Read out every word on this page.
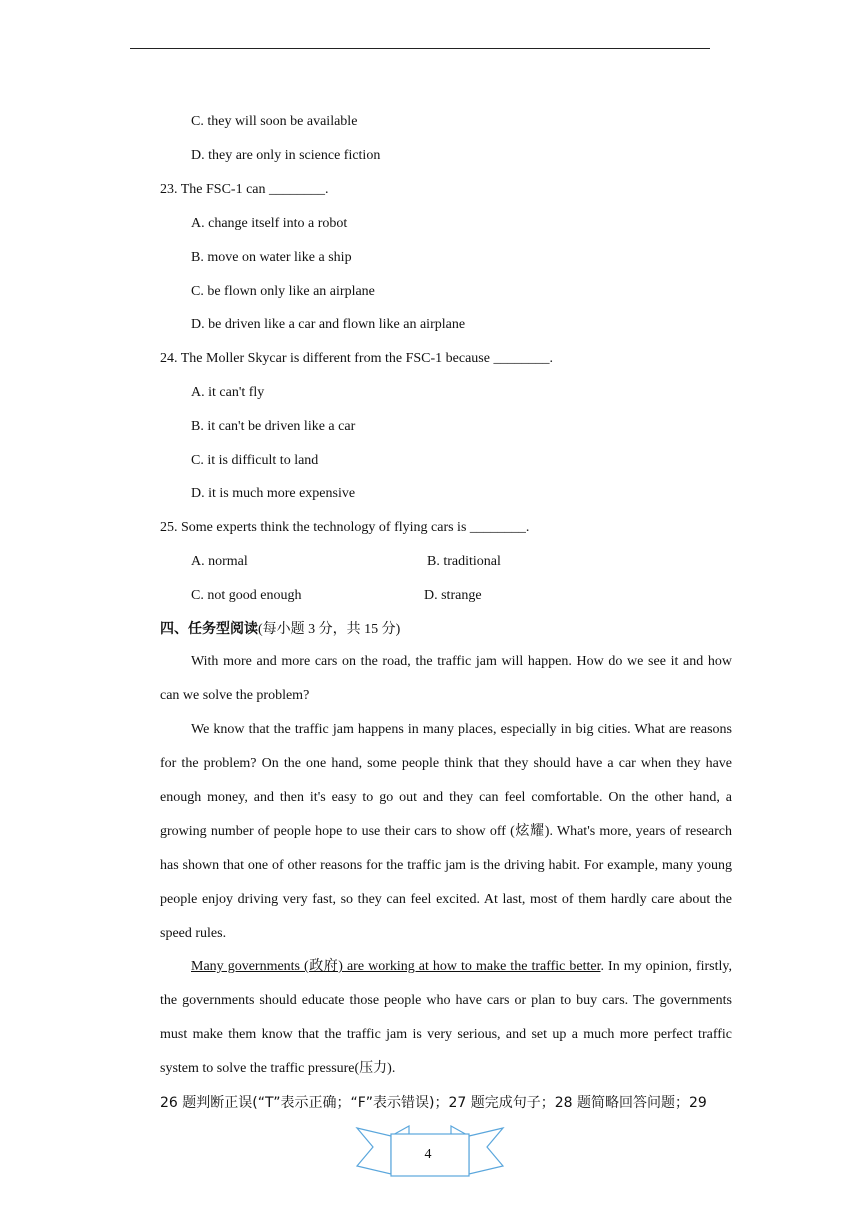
C. they will soon be available
D. they are only in science fiction
23. The FSC-1 can ________.
A. change itself into a robot
B. move on water like a ship
C. be flown only like an airplane
D. be driven like a car and flown like an airplane
24. The Moller Skycar is different from the FSC-1 because ________.
A. it can't fly
B. it can't be driven like a car
C. it is difficult to land
D. it is much more expensive
25. Some experts think the technology of flying cars is ________.
A. normal	B. traditional
C. not good enough	D. strange
四、任务型阅读(每小题 3 分，共 15 分)
With more and more cars on the road, the traffic jam will happen. How do we see it and how can we solve the problem?
We know that the traffic jam happens in many places, especially in big cities. What are reasons for the problem? On the one hand, some people think that they should have a car when they have enough money, and then it's easy to go out and they can feel comfortable. On the other hand, a growing number of people hope to use their cars to show off (炫耀). What's more, years of research has shown that one of other reasons for the traffic jam is the driving habit. For example, many young people enjoy driving very fast, so they can feel excited. At last, most of them hardly care about the speed rules.
Many governments (政府) are working at how to make the traffic better. In my opinion, firstly, the governments should educate those people who have cars or plan to buy cars. The governments must make them know that the traffic jam is very serious, and set up a much more perfect traffic system to solve the traffic pressure(压力).
26 题判断正误(“T”表示正确；“F”表示错误)；27 题完成句子；28 题简略回答问题；29
4
